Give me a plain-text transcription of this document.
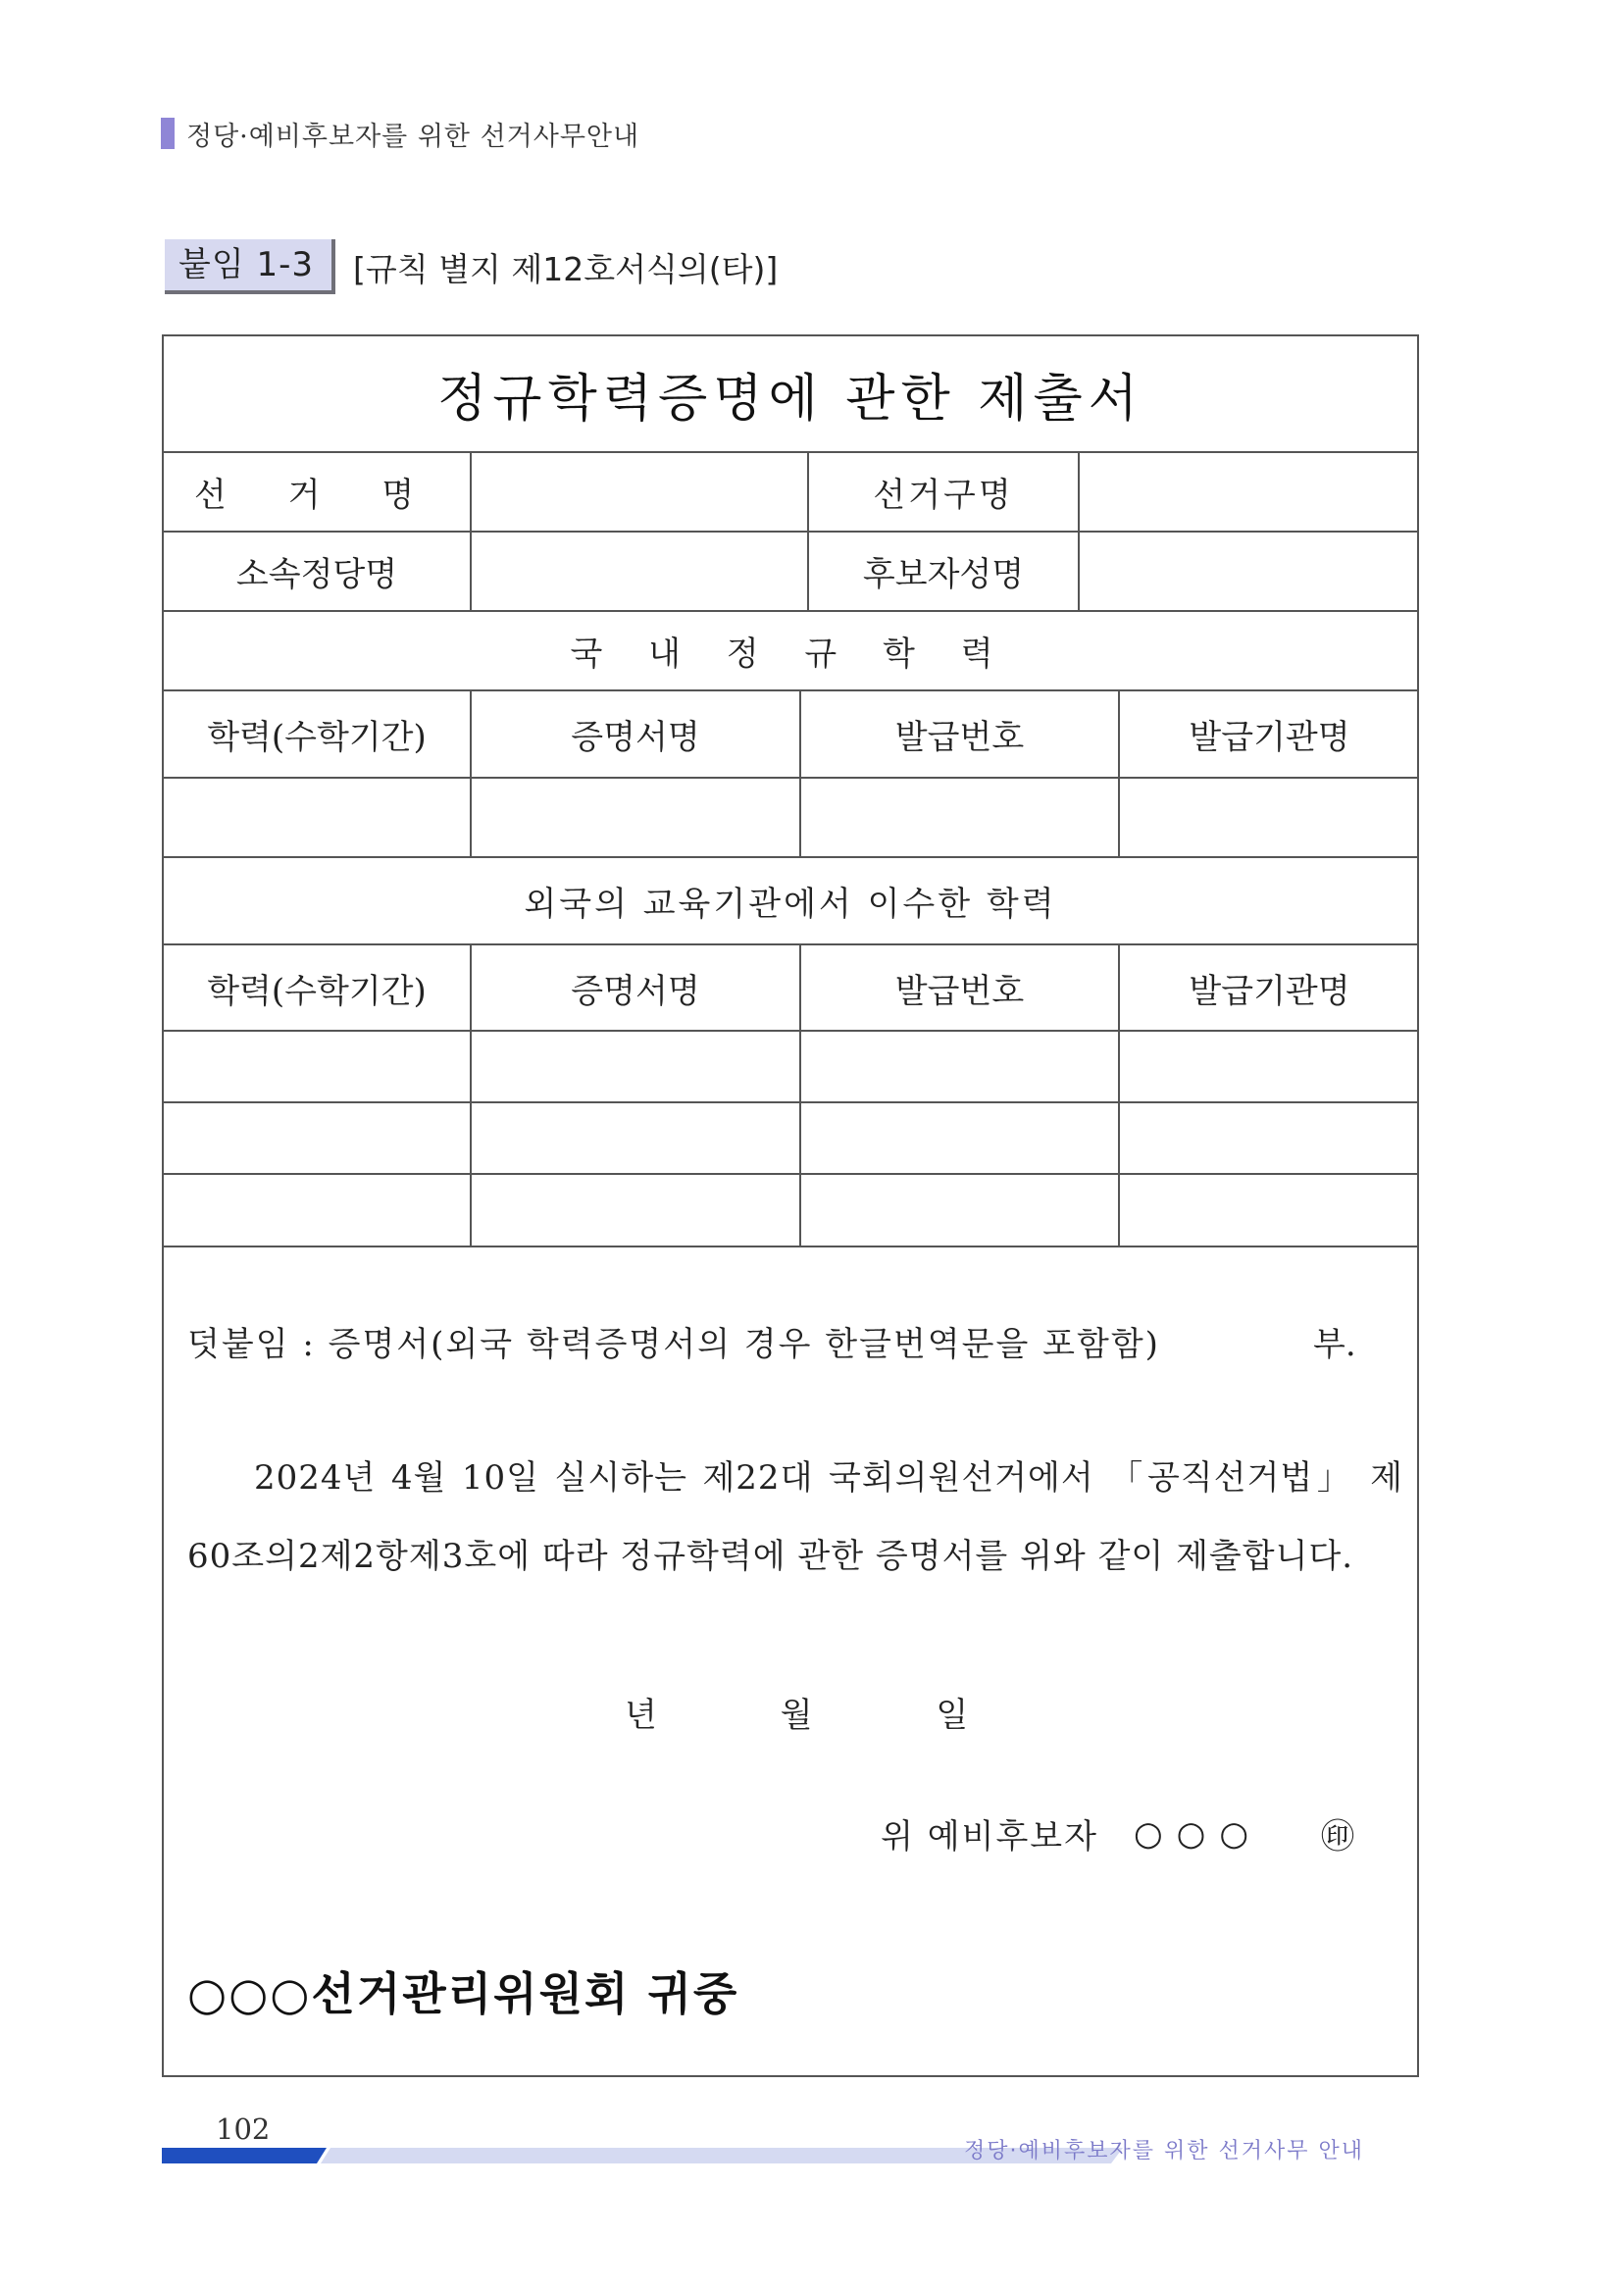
정당·예비후보자를 위한 선거사무안내
붙임 1-3	[규칙 별지 제12호서식의(타)]
정규학력증명에 관한 제출서
선 거 명	선거구명
소속정당명	후보자성명
국 내 정 규 학 력
학력(수학기간)	증명서명	발급번호	발급기관명
외국의 교육기관에서 이수한 학력
학력(수학기간)	증명서명	발급번호	발급기관명
덧붙임 : 증명서(외국 학력증명서의 경우 한글번역문을 포함함)	부.
2024년 4월 10일 실시하는 제22대 국회의원선거에서 「공직선거법」 제60조의2제2항제3호에 따라 정규학력에 관한 증명서를 위와 같이 제출합니다.
년	월	일
위 예비후보자 ○○○ ㊞
○○○선거관리위원회 귀중
102
정당·예비후보자를 위한 선거사무 안내
